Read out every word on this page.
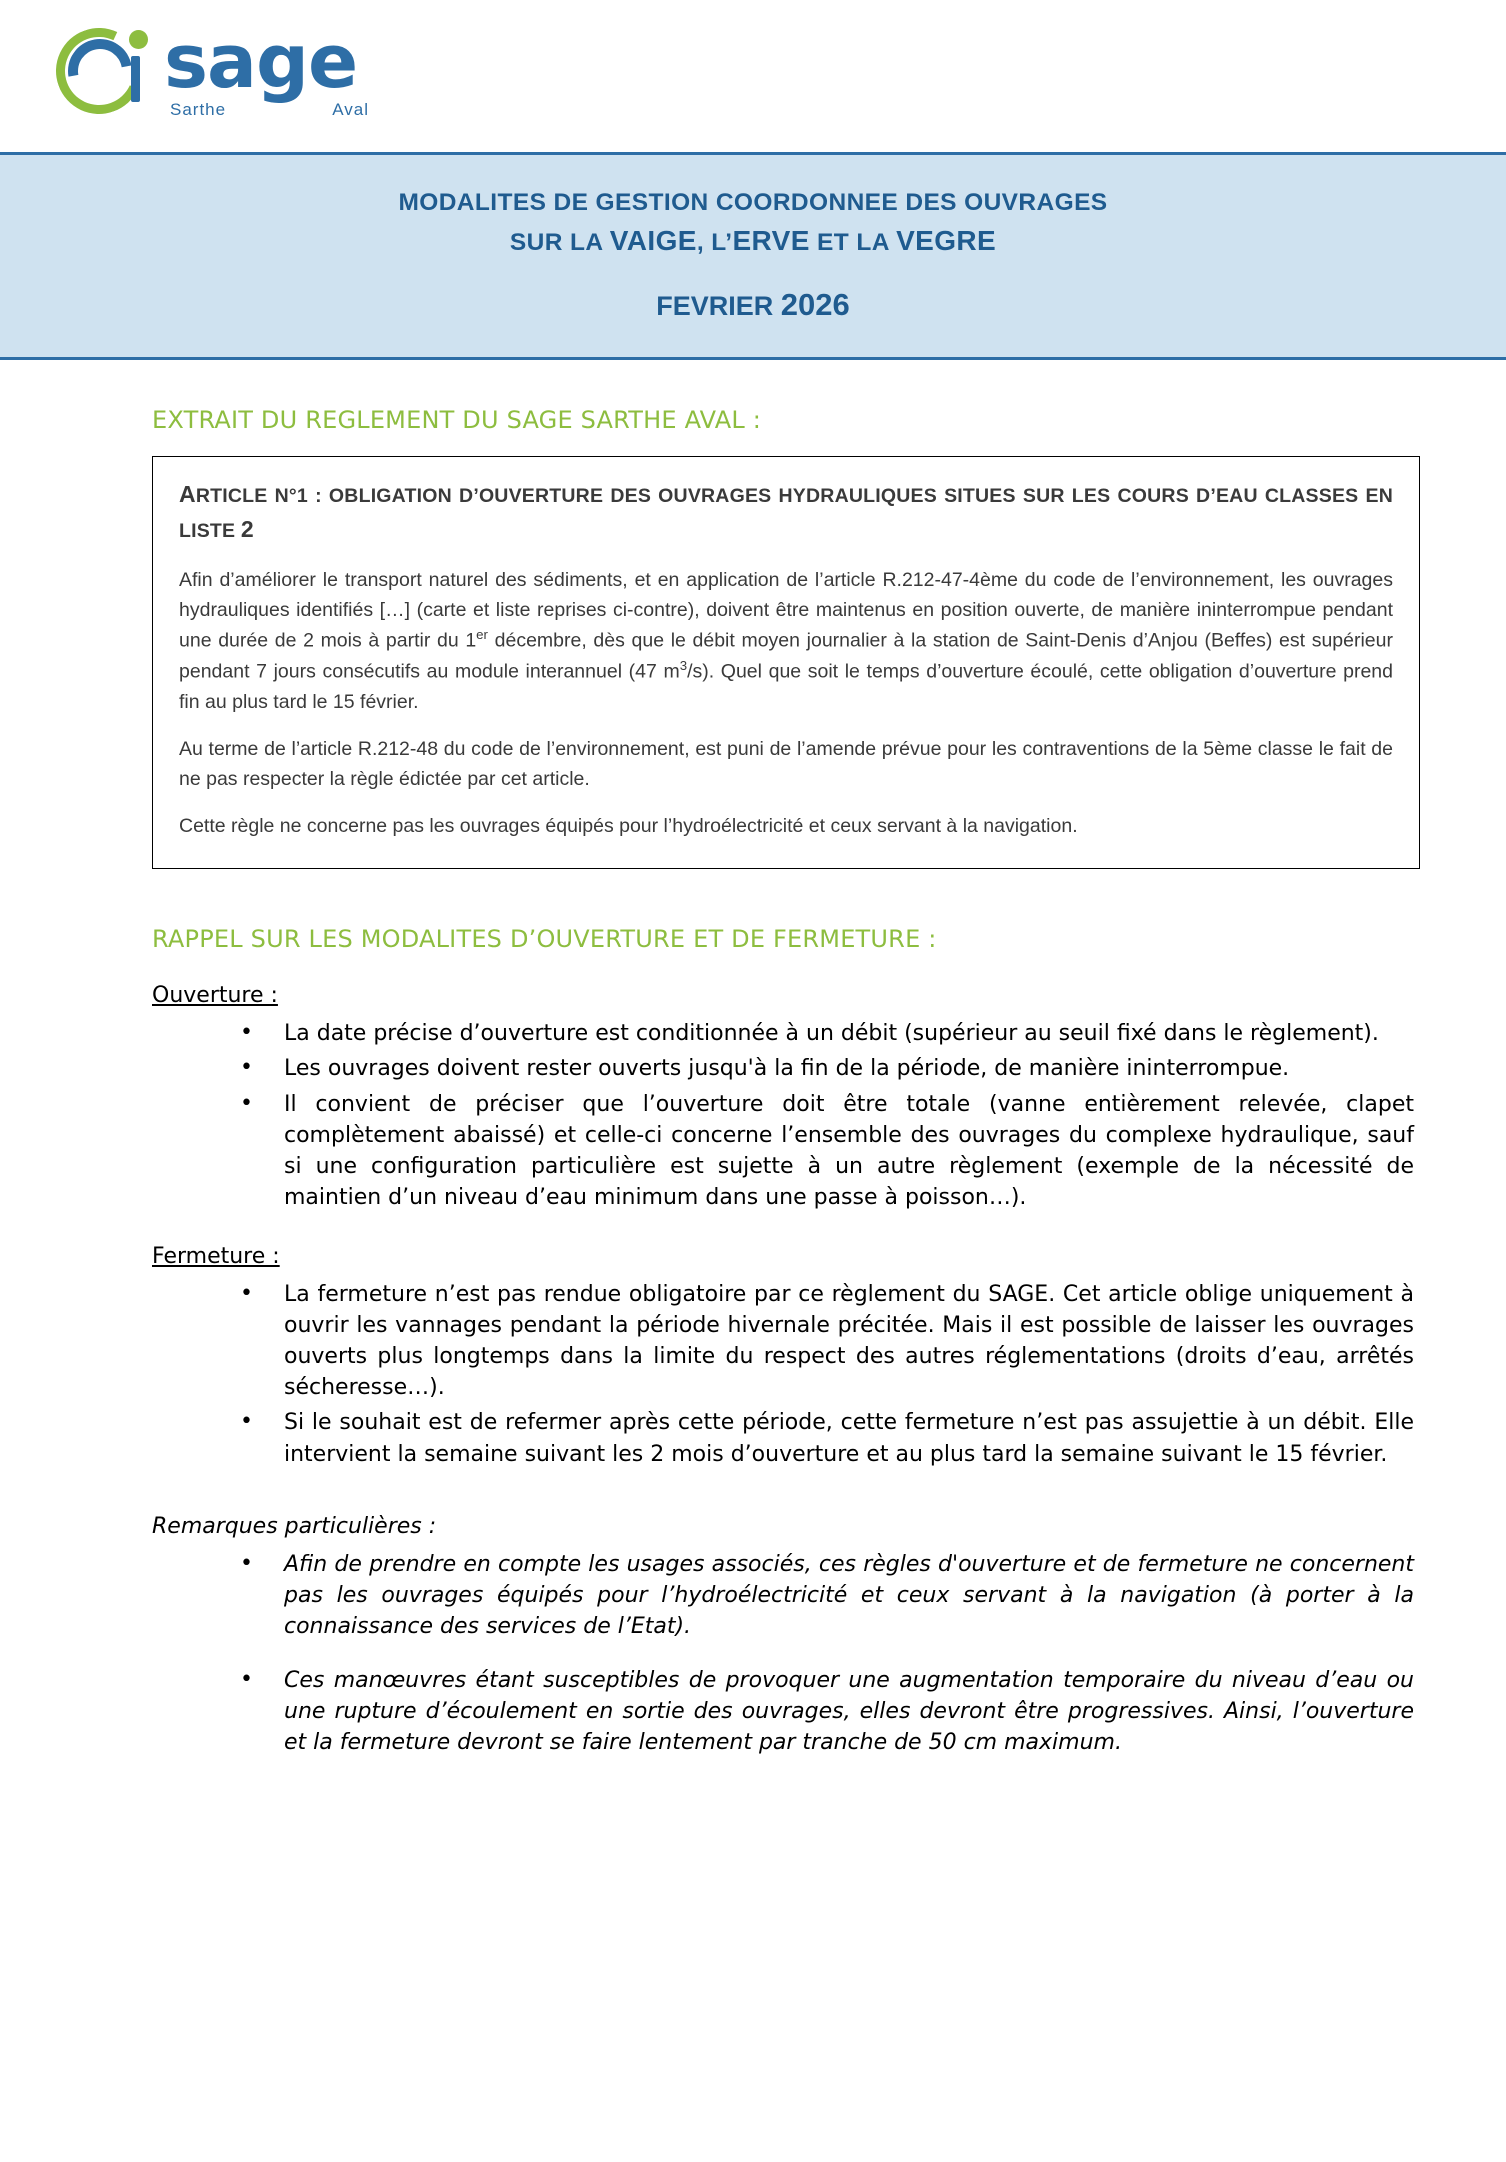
sage
Sarthe	Aval
MODALITES DE GESTION COORDONNEE DES OUVRAGES
SUR LA VAIGE, L’ERVE ET LA VEGRE
FEVRIER 2026
EXTRAIT DU REGLEMENT DU SAGE SARTHE AVAL :
ARTICLE N°1 : OBLIGATION D’OUVERTURE DES OUVRAGES HYDRAULIQUES SITUES SUR LES COURS D’EAU CLASSES EN LISTE 2

Afin d’améliorer le transport naturel des sédiments, et en application de l’article R.212-47-4ème du code de l’environnement, les ouvrages hydrauliques identifiés […] (carte et liste reprises ci-contre), doivent être maintenus en position ouverte, de manière ininterrompue pendant une durée de 2 mois à partir du 1er décembre, dès que le débit moyen journalier à la station de Saint-Denis d’Anjou (Beffes) est supérieur pendant 7 jours consécutifs au module interannuel (47 $m^3/s$). Quel que soit le temps d’ouverture écoulé, cette obligation d’ouverture prend fin au plus tard le 15 février.

Au terme de l’article R.212-48 du code de l’environnement, est puni de l’amende prévue pour les contraventions de la 5ème classe le fait de ne pas respecter la règle édictée par cet article.

Cette règle ne concerne pas les ouvrages équipés pour l’hydroélectricité et ceux servant à la navigation.

RAPPEL SUR LES MODALITES D’OUVERTURE ET DE FERMETURE :
Ouverture :
• La date précise d’ouverture est conditionnée à un débit (supérieur au seuil fixé dans le règlement).
• Les ouvrages doivent rester ouverts jusqu'à la fin de la période, de manière ininterrompue.
• Il convient de préciser que l’ouverture doit être totale (vanne entièrement relevée, clapet complètement abaissé) et celle-ci concerne l’ensemble des ouvrages du complexe hydraulique, sauf si une configuration particulière est sujette à un autre règlement (exemple de la nécessité de maintien d’un niveau d’eau minimum dans une passe à poisson…).
Fermeture :
• La fermeture n’est pas rendue obligatoire par ce règlement du SAGE. Cet article oblige uniquement à ouvrir les vannages pendant la période hivernale précitée. Mais il est possible de laisser les ouvrages ouverts plus longtemps dans la limite du respect des autres réglementations (droits d’eau, arrêtés sécheresse…).
• Si le souhait est de refermer après cette période, cette fermeture n’est pas assujettie à un débit. Elle intervient la semaine suivant les 2 mois d’ouverture et au plus tard la semaine suivant le 15 février.
Remarques particulières :
• Afin de prendre en compte les usages associés, ces règles d'ouverture et de fermeture ne concernent pas les ouvrages équipés pour l’hydroélectricité et ceux servant à la navigation (à porter à la connaissance des services de l’Etat).
• Ces manœuvres étant susceptibles de provoquer une augmentation temporaire du niveau d’eau ou une rupture d’écoulement en sortie des ouvrages, elles devront être progressives. Ainsi, l’ouverture et la fermeture devront se faire lentement par tranche de 50 cm maximum.
